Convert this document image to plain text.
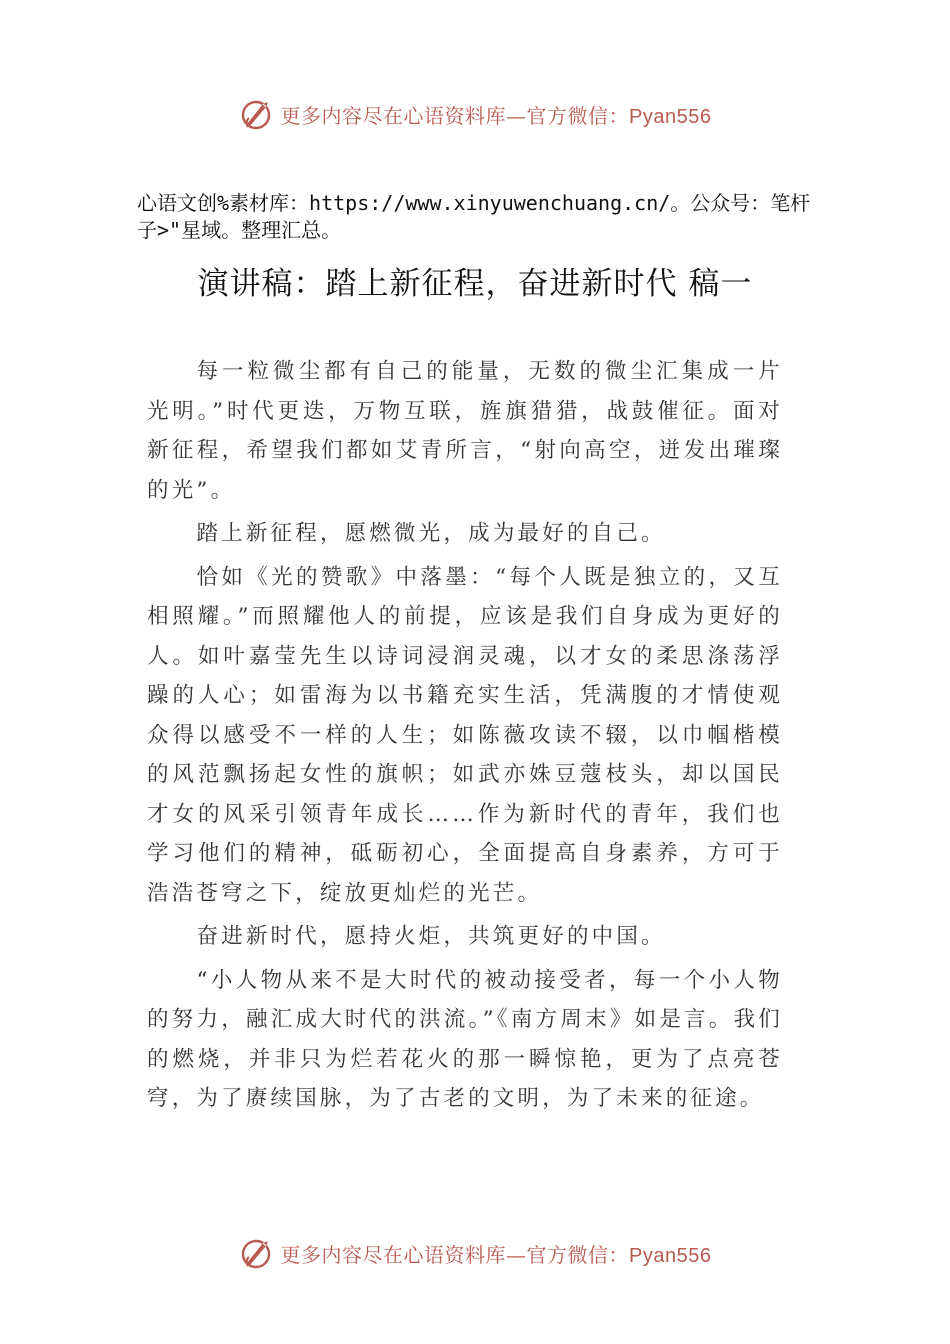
更多内容尽在心语资料库—官方微信：Pyan556
心语文创%素材库：https://www.xinyuwenchuang.cn/。公众号：笔杆子>"星域。整理汇总。
演讲稿：踏上新征程，奋进新时代 稿一

每一粒微尘都有自己的能量，无数的微尘汇集成一片光明。”时代更迭，万物互联，旌旗猎猎，战鼓催征。面对新征程，希望我们都如艾青所言，“射向高空，迸发出璀璨的光”。

踏上新征程，愿燃微光，成为最好的自己。

恰如《光的赞歌》中落墨：“每个人既是独立的，又互相照耀。”而照耀他人的前提，应该是我们自身成为更好的人。如叶嘉莹先生以诗词浸润灵魂，以才女的柔思涤荡浮躁的人心；如雷海为以书籍充实生活，凭满腹的才情使观众得以感受不一样的人生；如陈薇攻读不辍，以巾帼楷模的风范飘扬起女性的旗帜；如武亦姝豆蔻枝头，却以国民才女的风采引领青年成长……作为新时代的青年，我们也学习他们的精神，砥砺初心，全面提高自身素养，方可于浩浩苍穹之下，绽放更灿烂的光芒。

奋进新时代，愿持火炬，共筑更好的中国。

“小人物从来不是大时代的被动接受者，每一个小人物的努力，融汇成大时代的洪流。”《南方周末》如是言。我们的燃烧，并非只为烂若花火的那一瞬惊艳，更为了点亮苍穹，为了赓续国脉，为了古老的文明，为了未来的征途。

更多内容尽在心语资料库—官方微信：Pyan556
